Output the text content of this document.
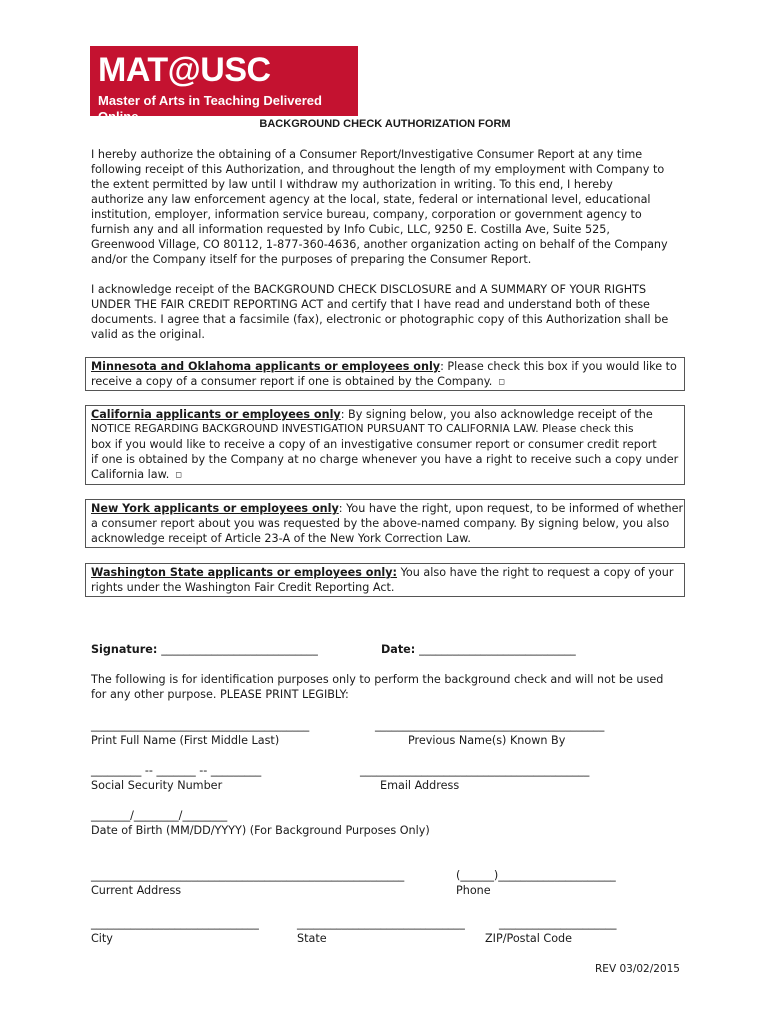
MAT@USC
Master of Arts in Teaching Delivered Online	BACKGROUND CHECK AUTHORIZATION FORM

I hereby authorize the obtaining of a Consumer Report/Investigative Consumer Report at any time

following receipt of this Authorization, and throughout the length of my employment with Company to

the extent permitted by law until I withdraw my authorization in writing. To this end, I hereby

authorize any law enforcement agency at the local, state, federal or international level, educational

institution, employer, information service bureau, company, corporation or government agency to

furnish any and all information requested by Info Cubic, LLC, 9250 E. Costilla Ave, Suite 525,

Greenwood Village, CO 80112, 1-877-360-4636, another organization acting on behalf of the Company

and/or the Company itself for the purposes of preparing the Consumer Report.

I acknowledge receipt of the BACKGROUND CHECK DISCLOSURE and A SUMMARY OF YOUR RIGHTS

UNDER THE FAIR CREDIT REPORTING ACT and certify that I have read and understand both of these

documents. I agree that a facsimile (fax), electronic or photographic copy of this Authorization shall be

valid as the original.

Minnesota and Oklahoma applicants or employees only: Please check this box if you would like to
receive a copy of a consumer report if one is obtained by the Company. ◻
California applicants or employees only: By signing below, you also acknowledge receipt of the
NOTICE REGARDING BACKGROUND INVESTIGATION PURSUANT TO CALIFORNIA LAW. Please check this
box if you would like to receive a copy of an investigative consumer report or consumer credit report
if one is obtained by the Company at no charge whenever you have a right to receive such a copy under
California law. ◻
New York applicants or employees only: You have the right, upon request, to be informed of whether
a consumer report about you was requested by the above-named company. By signing below, you also
acknowledge receipt of Article 23-A of the New York Correction Law.
Washington State applicants or employees only: You also have the right to request a copy of your
rights under the Washington Fair Credit Reporting Act.
Signature: ____________________________	Date: ____________________________

The following is for identification purposes only to perform the background check and will not be used

for any other purpose. PLEASE PRINT LEGIBLY:

_______________________________________
Print Full Name (First Middle Last)
_________________________________________
Previous Name(s) Known By
_________ -- _______ -- _________
Social Security Number
_________________________________________
Email Address
_______/________/________
Date of Birth (MM/DD/YYYY) (For Background Purposes Only)
________________________________________________________
Current Address
(______)_____________________
Phone
______________________________
City
______________________________
State
_____________________
ZIP/Postal Code
REV 03/02/2015
